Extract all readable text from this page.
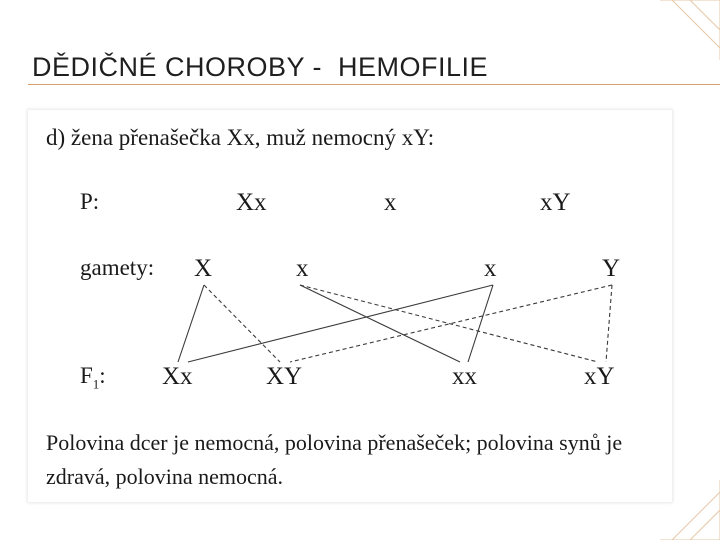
DĚDIČNÉ CHOROBY -  HEMOFILIE
d) žena přenašečka Xx, muž nemocný xY:
P:	Xx	x	xY
gamety: X	x	x	Y
$F_1$: Xx	XY	xx	xY
Polovina dcer je nemocná, polovina přenašeček; polovina synů je
zdravá, polovina nemocná.
